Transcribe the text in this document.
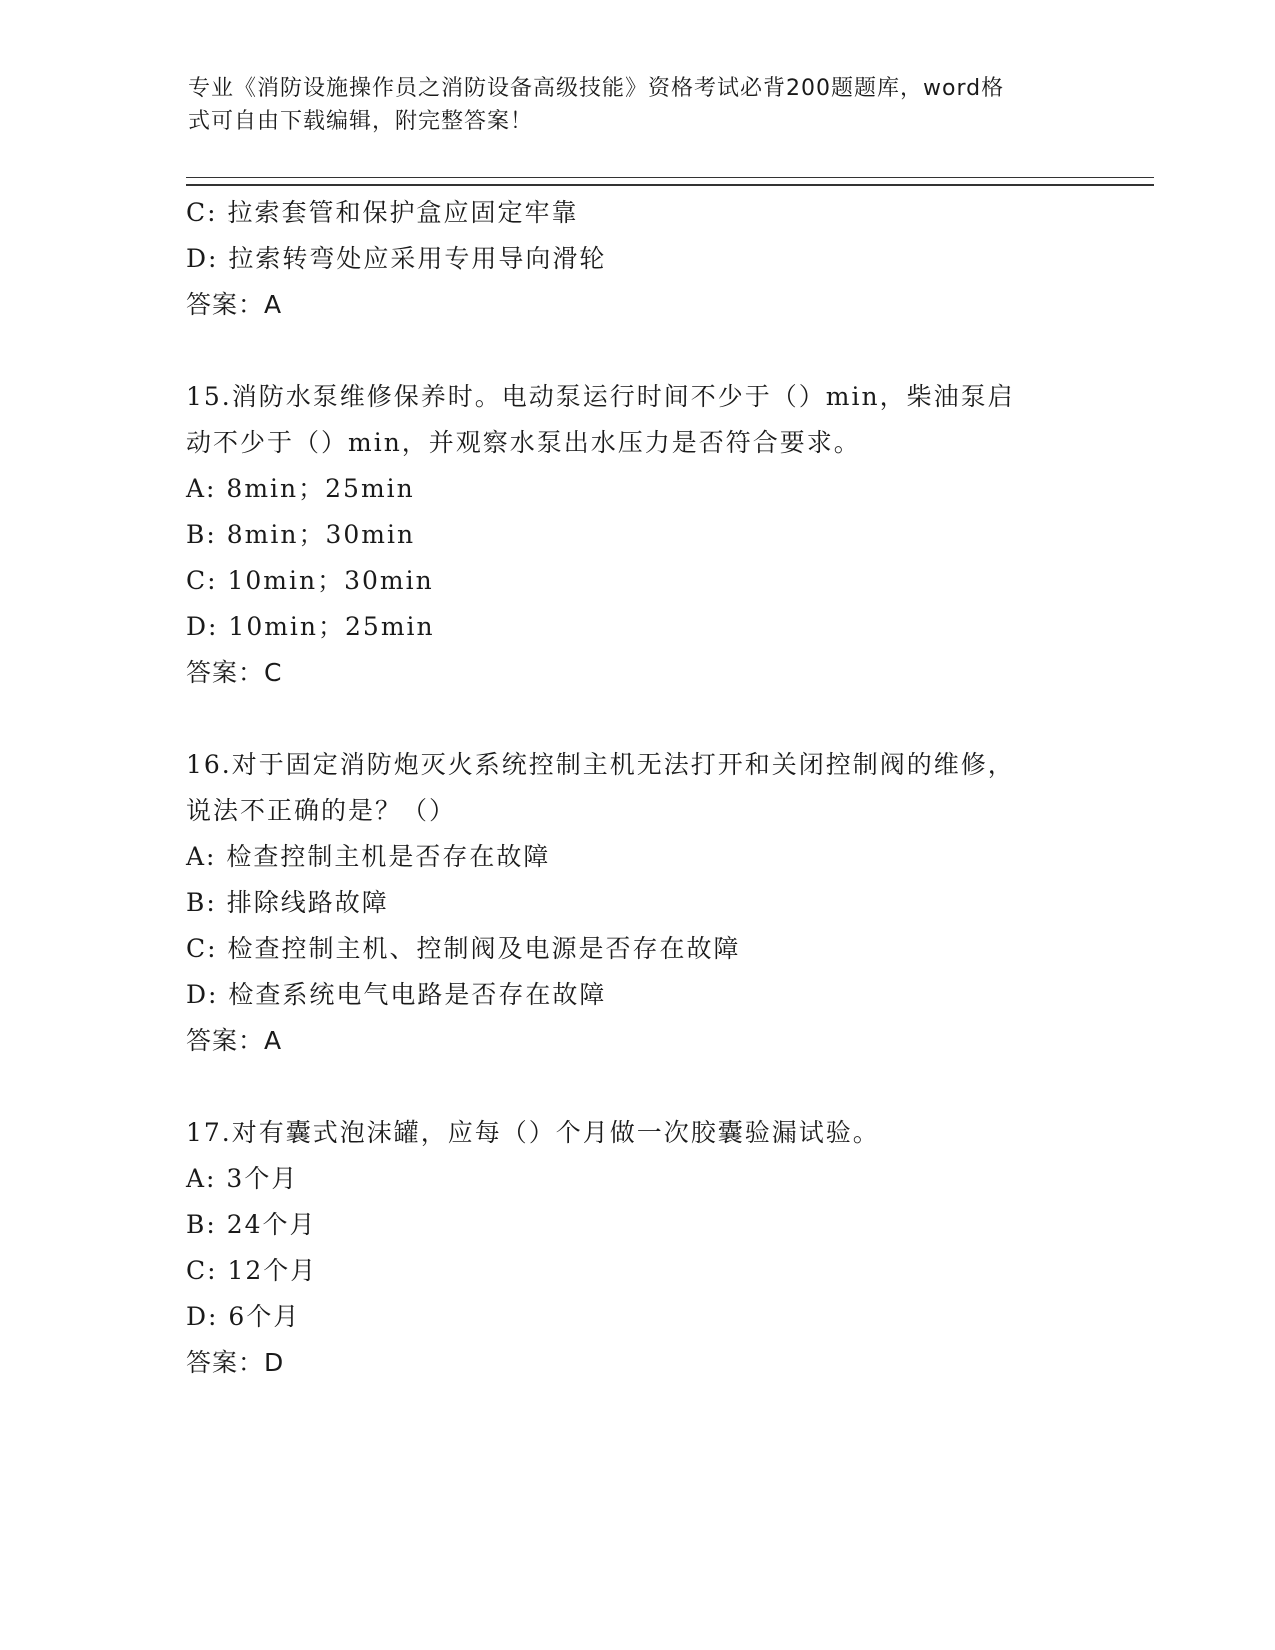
专业《消防设施操作员之消防设备高级技能》资格考试必背200题题库，word格
式可自由下载编辑，附完整答案！
C: 拉索套管和保护盒应固定牢靠
D: 拉索转弯处应采用专用导向滑轮
答案：A
15.消防水泵维修保养时。电动泵运行时间不少于（）min，柴油泵启
动不少于（）min，并观察水泵出水压力是否符合要求。
A: 8min；25min
B: 8min；30min
C: 10min；30min
D: 10min；25min
答案：C
16.对于固定消防炮灭火系统控制主机无法打开和关闭控制阀的维修，
说法不正确的是？（）
A: 检查控制主机是否存在故障
B: 排除线路故障
C: 检查控制主机、控制阀及电源是否存在故障
D: 检查系统电气电路是否存在故障
答案：A
17.对有囊式泡沫罐，应每（）个月做一次胶囊验漏试验。
A: 3个月
B: 24个月
C: 12个月
D: 6个月
答案：D
